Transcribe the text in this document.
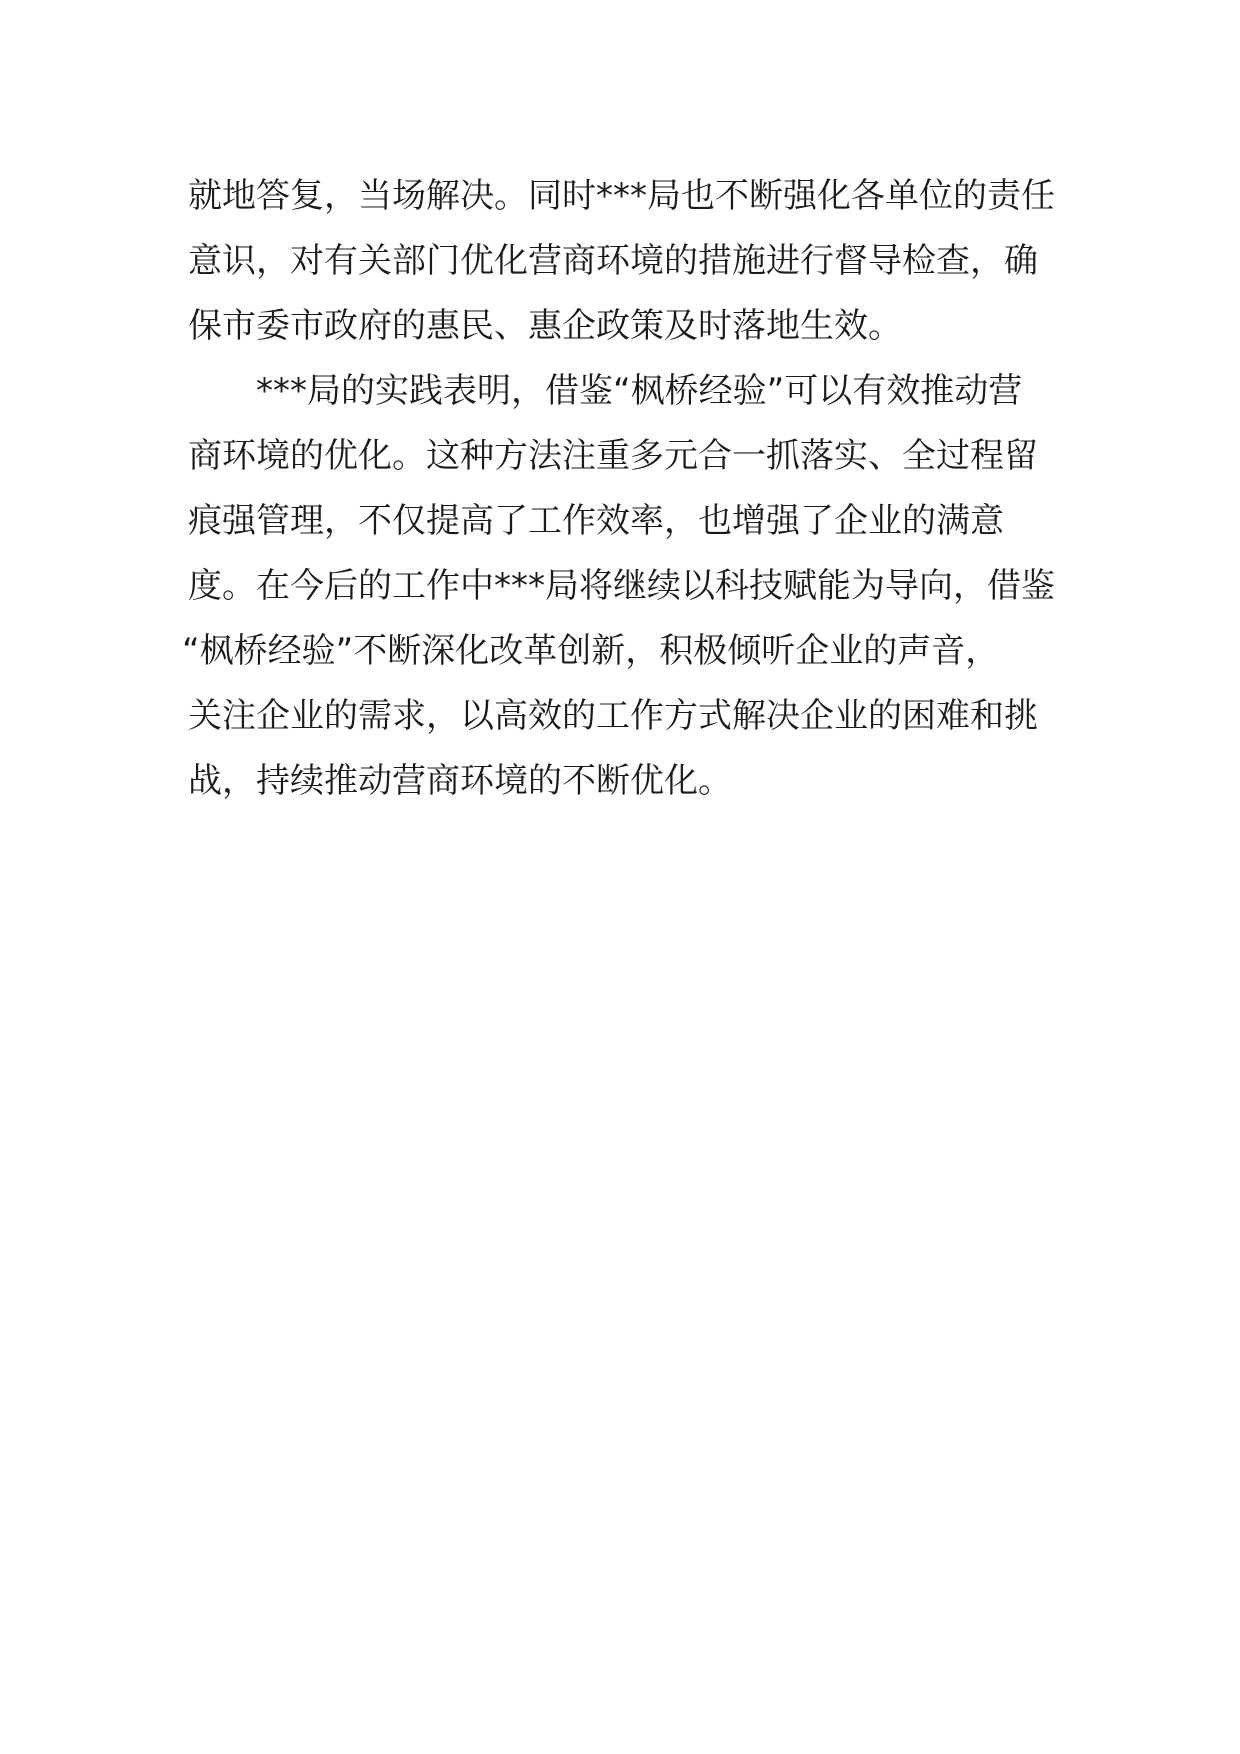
就地答复，当场解决。同时***局也不断强化各单位的责任
意识，对有关部门优化营商环境的措施进行督导检查，确
保市委市政府的惠民、惠企政策及时落地生效。
***局的实践表明，借鉴“枫桥经验”可以有效推动营
商环境的优化。这种方法注重多元合一抓落实、全过程留
痕强管理，不仅提高了工作效率，也增强了企业的满意
度。在今后的工作中***局将继续以科技赋能为导向，借鉴
“枫桥经验”不断深化改革创新，积极倾听企业的声音，
关注企业的需求，以高效的工作方式解决企业的困难和挑
战，持续推动营商环境的不断优化。
